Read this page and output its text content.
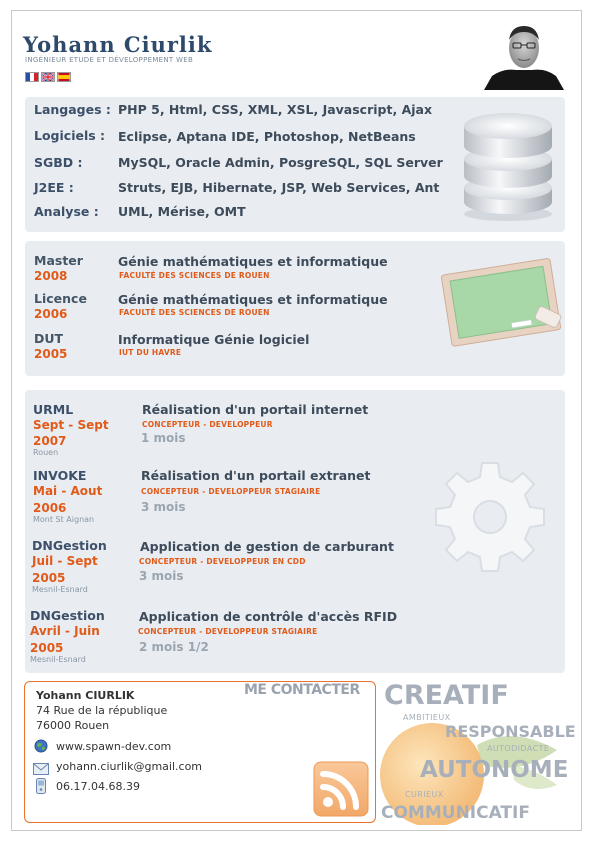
Yohann Ciurlik
INGÉNIEUR ETUDE ET DÉVELOPPEMENT WEB
Langages : PHP 5, Html, CSS, XML, XSL, Javascript, Ajax
Logiciels : Eclipse, Aptana IDE, Photoshop, NetBeans
SGBD :	MySQL, Oracle Admin, PosgreSQL, SQL Server
J2EE :	Struts, EJB, Hibernate, JSP, Web Services, Ant
Analyse : UML, Mérise, OMT
Master
2008
Génie mathématiques et informatique
FACULTÉ DES SCIENCES DE ROUEN
Licence
2006
Génie mathématiques et informatique
FACULTÉ DES SCIENCES DE ROUEN
DUT
2005
Informatique Génie logiciel
IUT DU HAVRE
URML
Sept - Sept
2007
Rouen
Réalisation d'un portail internet
CONCEPTEUR - DEVELOPPEUR
1 mois
INVOKE
Mai - Aout
2006
Mont St Aignan
Réalisation d'un portail extranet
CONCEPTEUR - DEVELOPPEUR STAGIAIRE
3 mois
DNGestion
Juil - Sept
2005
Mesnil-Esnard
Application de gestion de carburant
CONCEPTEUR - DEVELOPPEUR EN CDD
3 mois
DNGestion
Avril - Juin
2005
Mesnil-Esnard
Application de contrôle d'accès RFID
CONCEPTEUR - DEVELOPPEUR STAGIAIRE
2 mois 1/2
CREATIF
AMBITIEUX
RESPONSABLE
AUTODIDACTE
AUTONOME
CURIEUX
COMMUNICATIF
ME CONTACTER
Yohann CIURLIK
74 Rue de la république
76000 Rouen
www.spawn-dev.com
yohann.ciurlik@gmail.com
06.17.04.68.39
